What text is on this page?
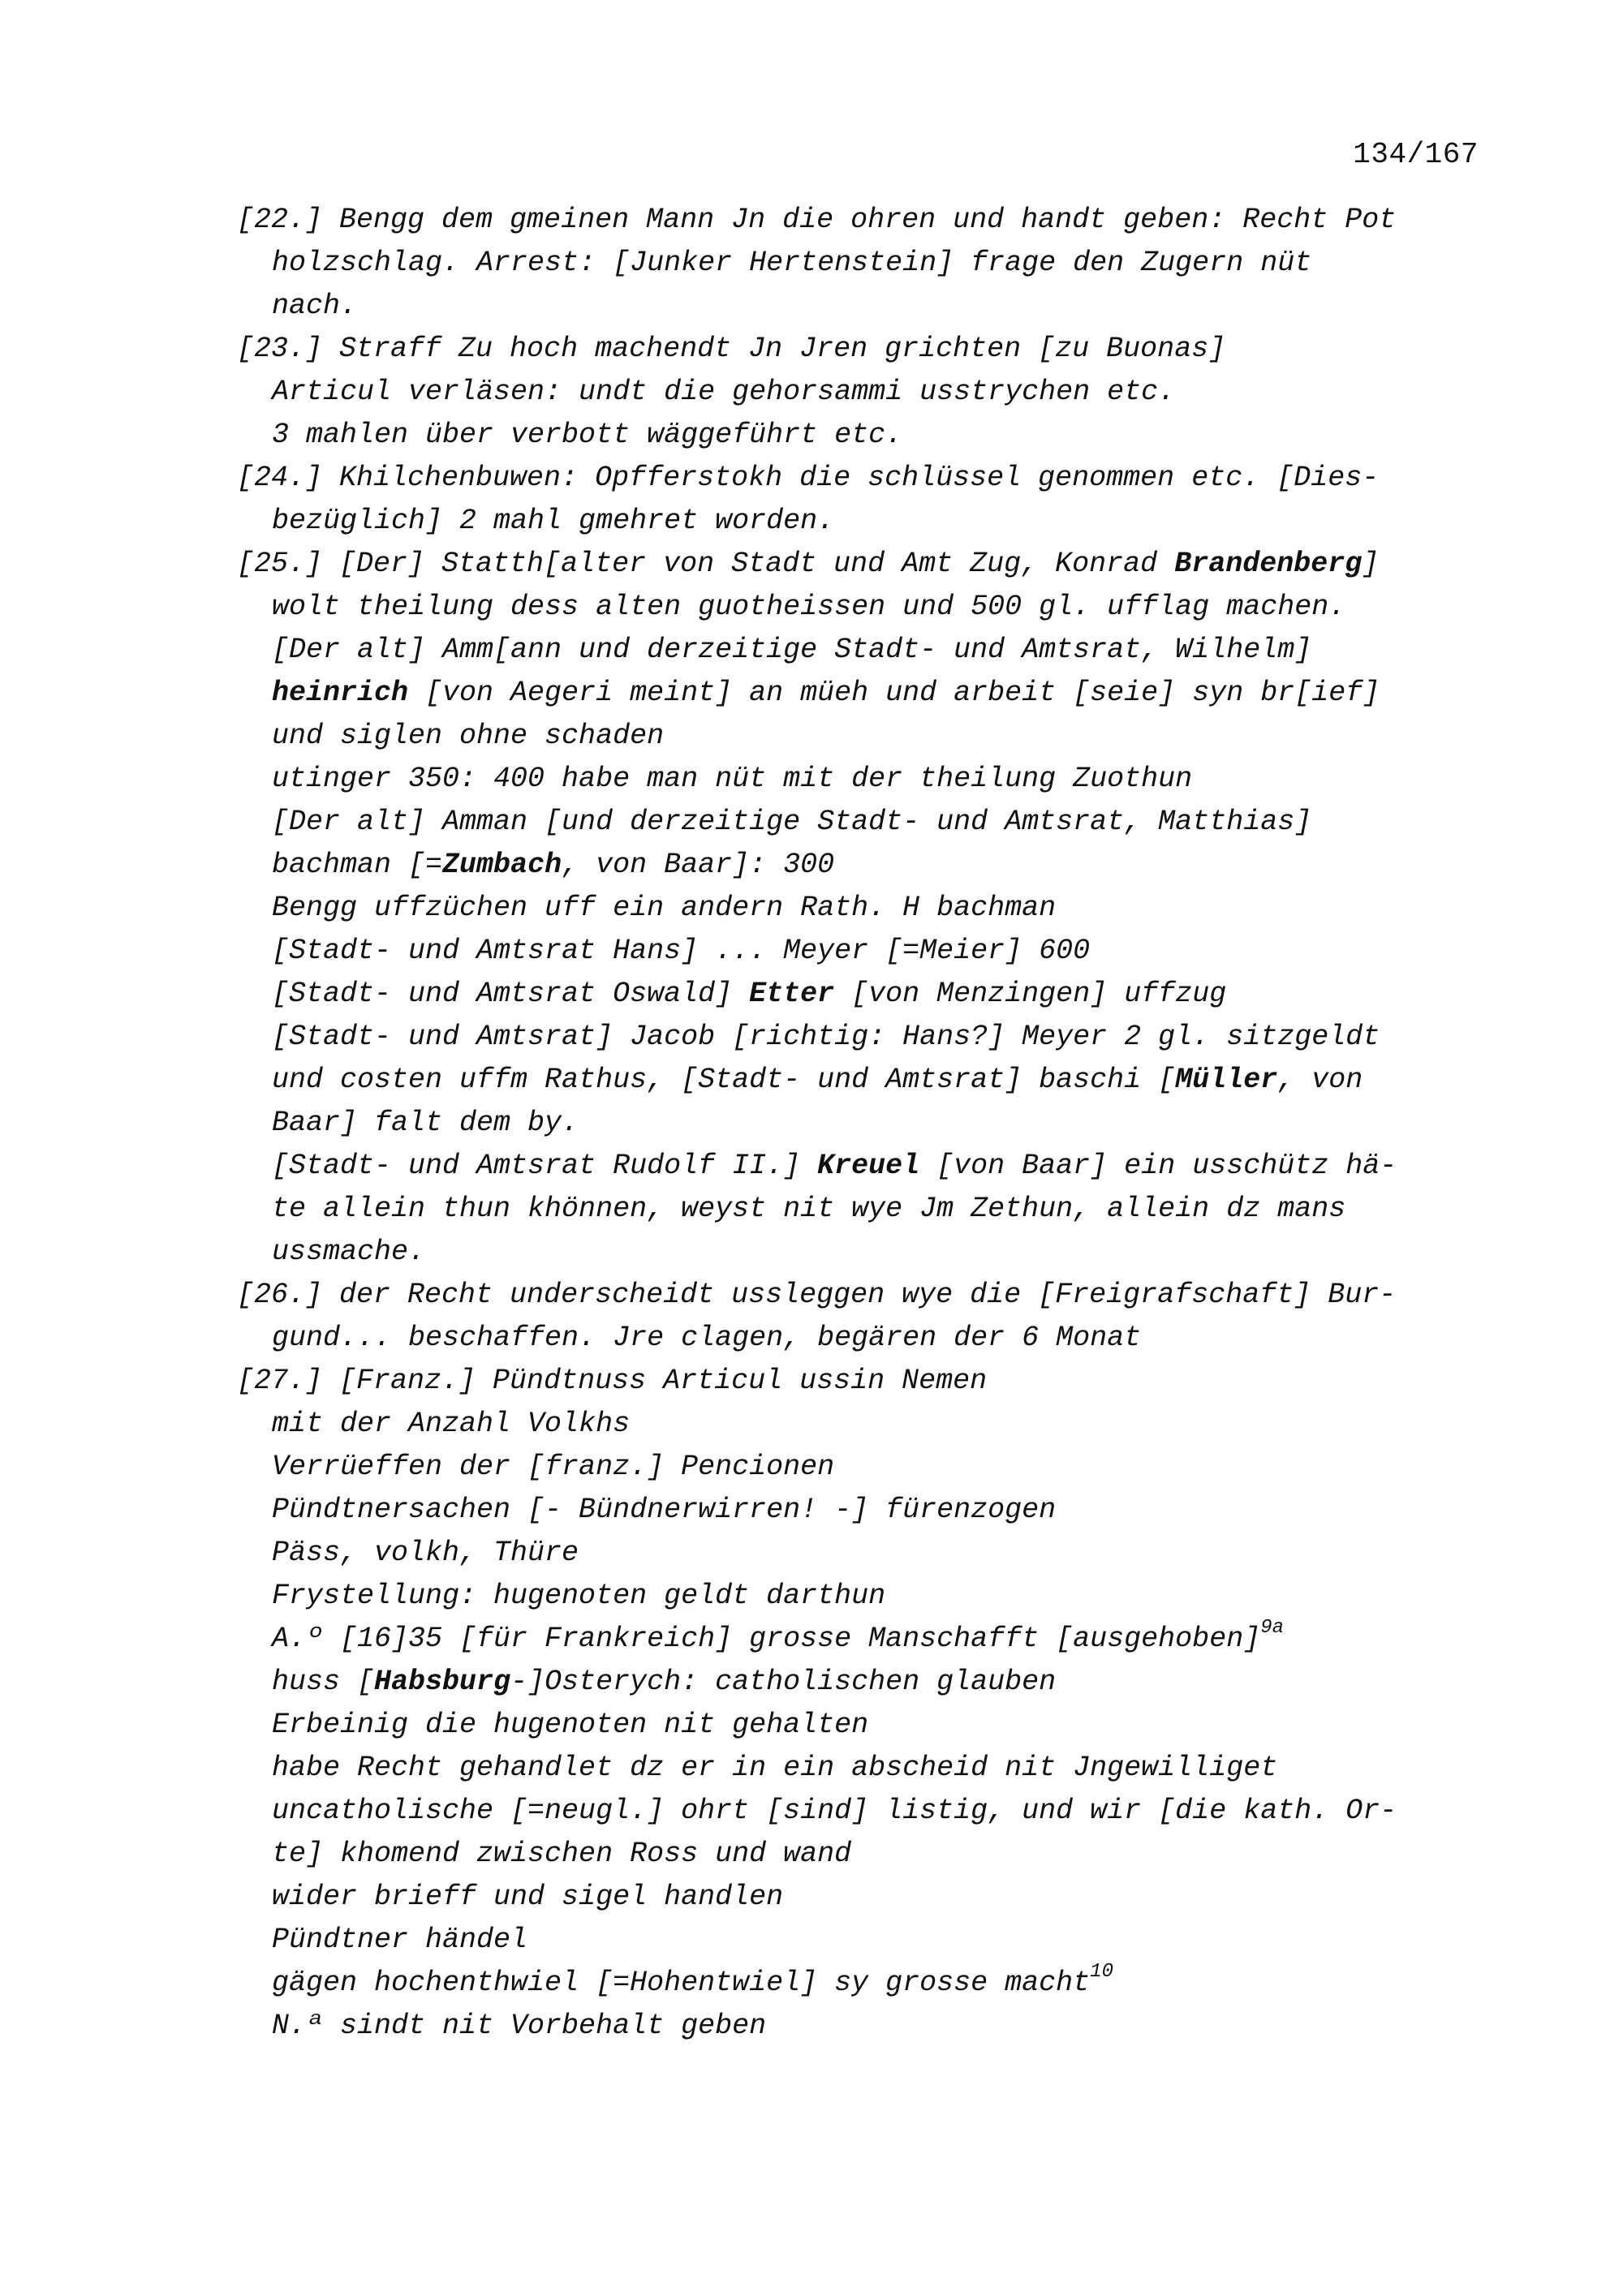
134/167
[22.] Bengg dem gmeinen Mann Jn die ohren und handt geben: Recht Pot
holzschlag. Arrest: [Junker Hertenstein] frage den Zugern nüt
nach.
[23.] Straff Zu hoch machendt Jn Jren grichten [zu Buonas]
Articul verläsen: undt die gehorsammi usstrychen etc.
3 mahlen über verbott wäggeführt etc.
[24.] Khilchenbuwen: Opfferstokh die schlüssel genommen etc. [Dies-
bezüglich] 2 mahl gmehret worden.
[25.] [Der] Statth[alter von Stadt und Amt Zug, Konrad Brandenberg]
wolt theilung dess alten guotheissen und 500 gl. ufflag machen.
[Der alt] Amm[ann und derzeitige Stadt- und Amtsrat, Wilhelm]
heinrich [von Aegeri meint] an müeh und arbeit [seie] syn br[ief]
und siglen ohne schaden
utinger 350: 400 habe man nüt mit der theilung Zuothun
[Der alt] Amman [und derzeitige Stadt- und Amtsrat, Matthias]
bachman [=Zumbach, von Baar]: 300
Bengg uffzüchen uff ein andern Rath. H bachman
[Stadt- und Amtsrat Hans] ... Meyer [=Meier] 600
[Stadt- und Amtsrat Oswald] Etter [von Menzingen] uffzug
[Stadt- und Amtsrat] Jacob [richtig: Hans?] Meyer 2 gl. sitzgeldt
und costen uffm Rathus, [Stadt- und Amtsrat] baschi [Müller, von
Baar] falt dem by.
[Stadt- und Amtsrat Rudolf II.] Kreuel [von Baar] ein usschütz hä-
te allein thun khönnen, weyst nit wye Jm Zethun, allein dz mans
ussmache.
[26.] der Recht underscheidt ussleggen wye die [Freigrafschaft] Bur-
gund... beschaffen. Jre clagen, begären der 6 Monat
[27.] [Franz.] Pündtnuss Articul ussin Nemen
mit der Anzahl Volkhs
Verrüeffen der [franz.] Pencionen
Pündtnersachen [- Bündnerwirren! -] fürenzogen
Päss, volkh, Thüre
Frystellung: hugenoten geldt darthun
A.º [16]35 [für Frankreich] grosse Manschafft [ausgehoben]$^{9a}$
huss [Habsburg-]Osterych: catholischen glauben
Erbeinig die hugenoten nit gehalten
habe Recht gehandlet dz er in ein abscheid nit Jngewilliget
uncatholische [=neugl.] ohrt [sind] listig, und wir [die kath. Or-
te] khomend zwischen Ross und wand
wider brieff und sigel handlen
Pündtner händel
gägen hochenthwiel [=Hohentwiel] sy grosse macht$^{10}$
N.ª sindt nit Vorbehalt geben
